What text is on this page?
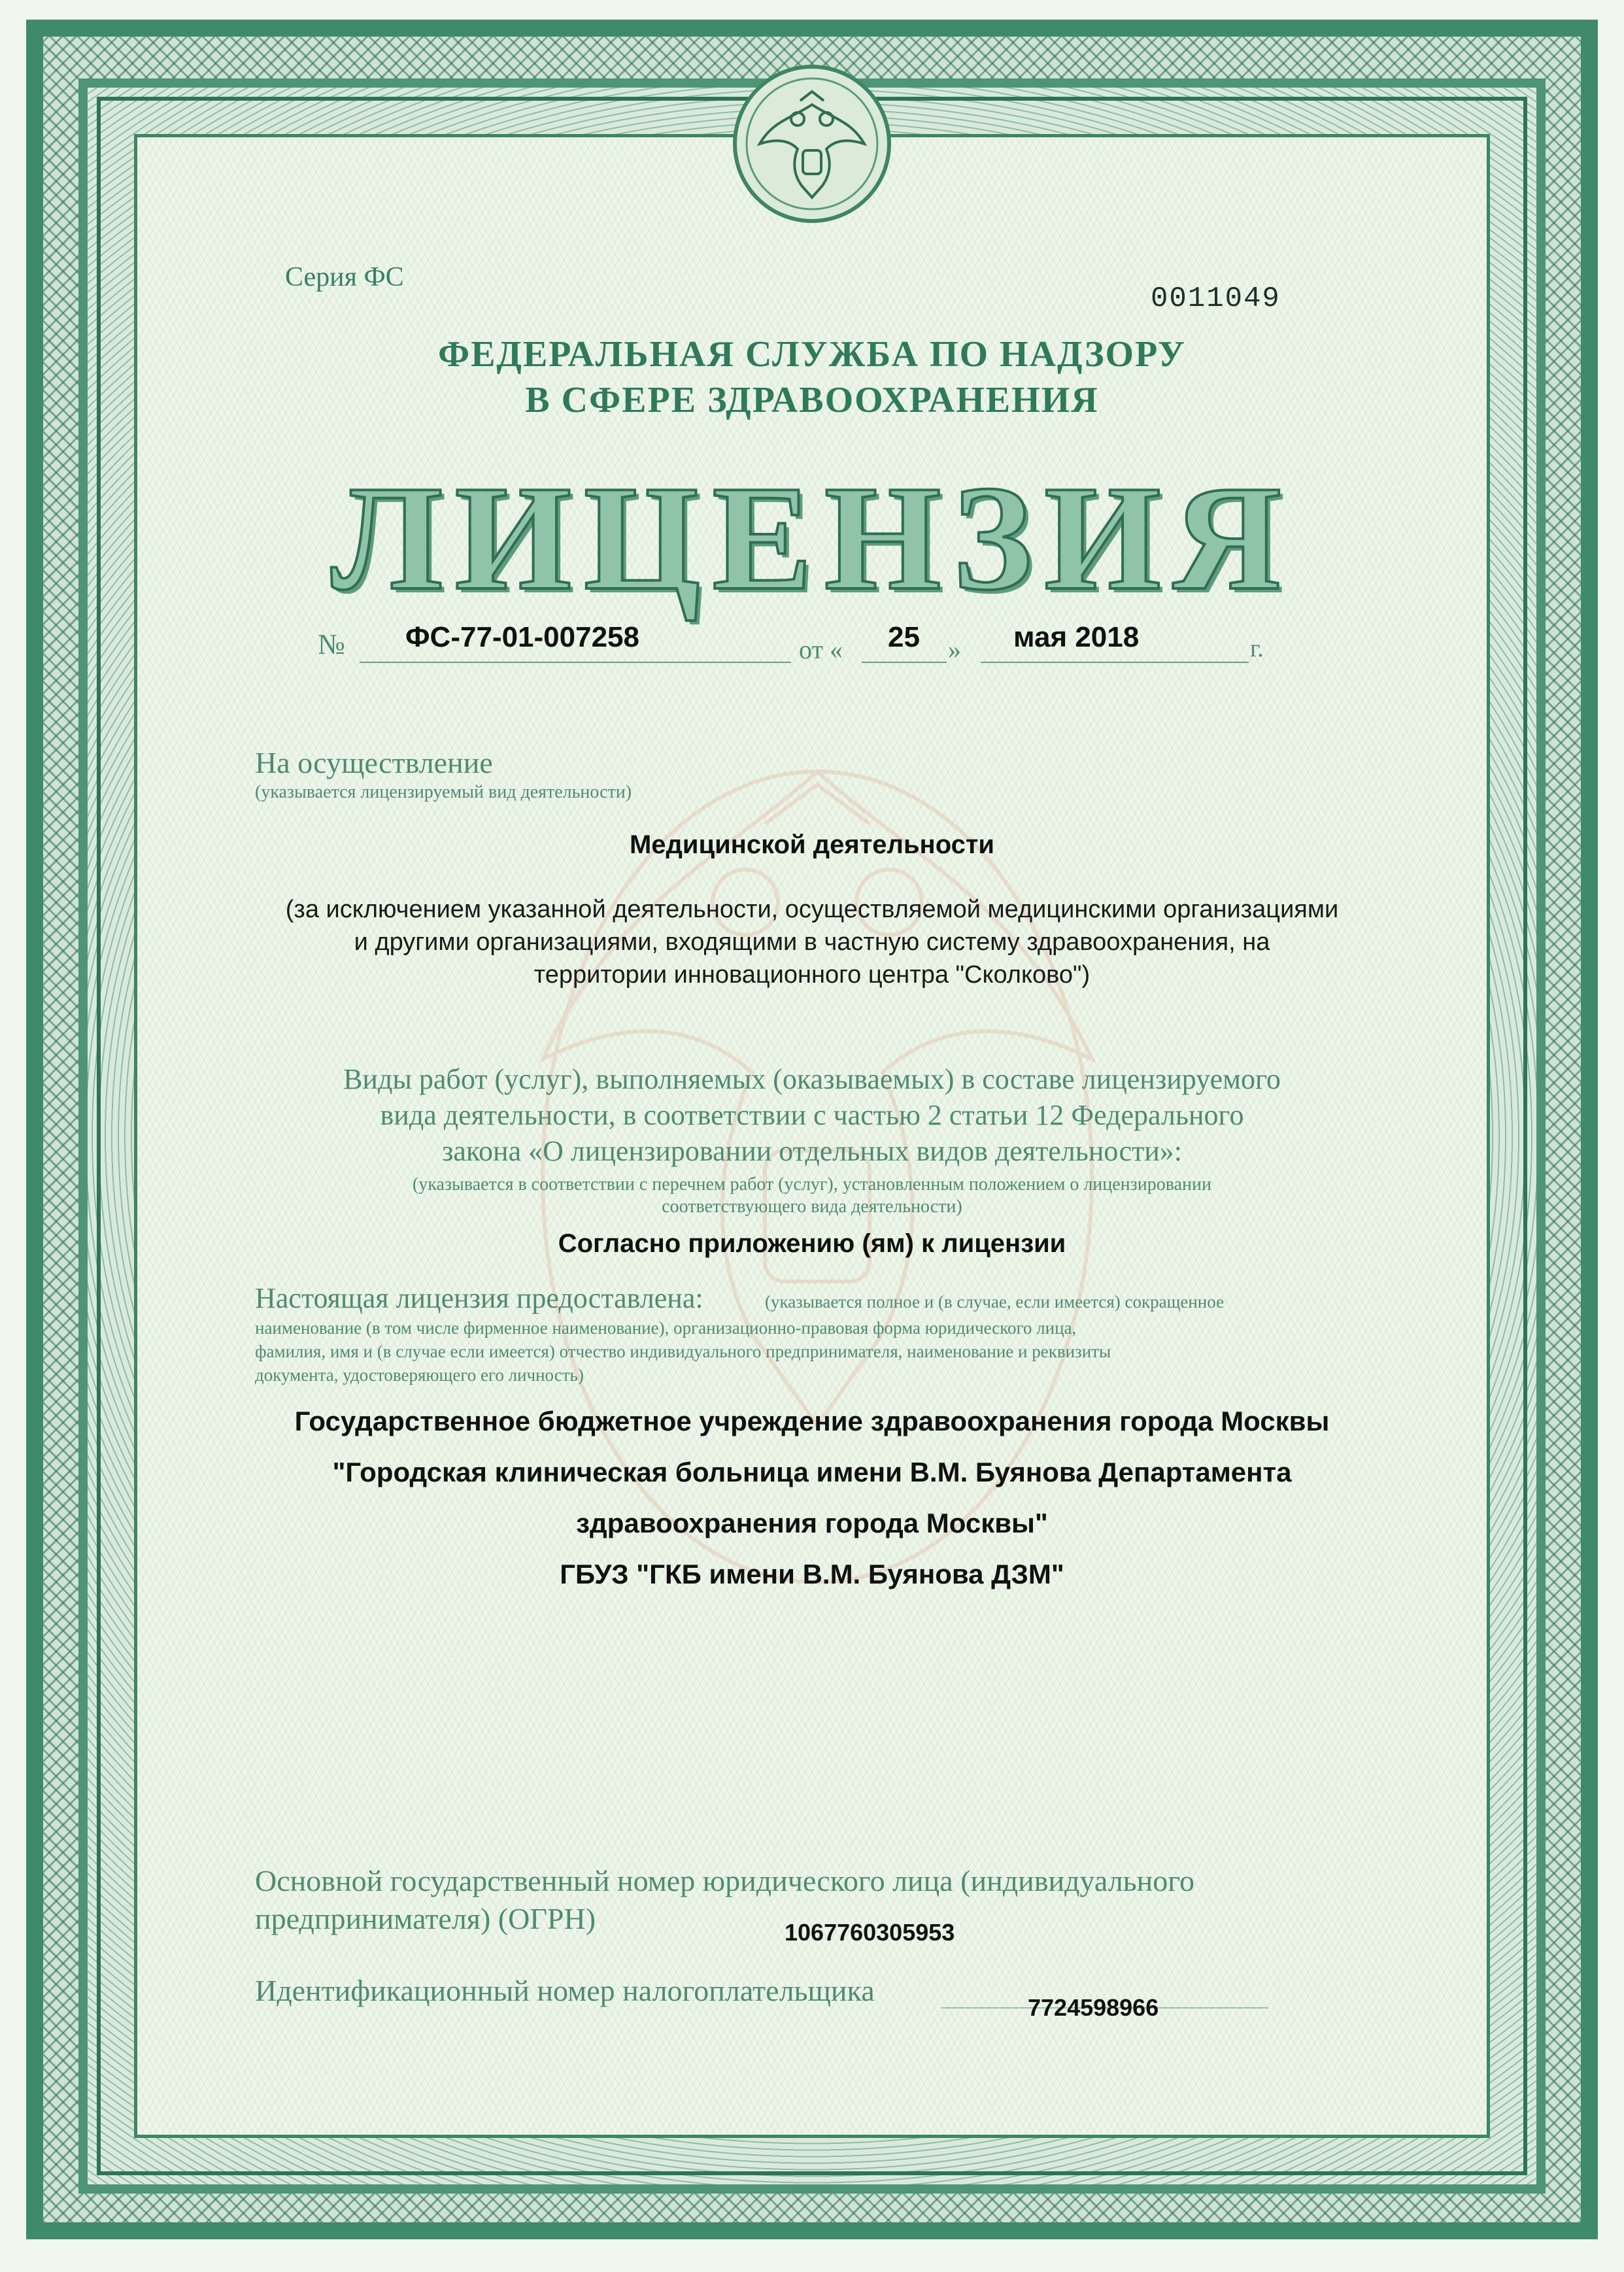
Серия ФС
0011049
ФЕДЕРАЛЬНАЯ СЛУЖБА ПО НАДЗОРУ
В СФЕРЕ ЗДРАВООХРАНЕНИЯ
ЛИЦЕНЗИЯ
№ ФС-77-01-007258	от « 25 » мая 2018	г.
На осуществление
(указывается лицензируемый вид деятельности)
Медицинской деятельности
(за исключением указанной деятельности, осуществляемой медицинскими организациями
и другими организациями, входящими в частную систему здравоохранения, на
территории инновационного центра "Сколково")
Виды работ (услуг), выполняемых (оказываемых) в составе лицензируемого
вида деятельности, в соответствии с частью 2 статьи 12 Федерального
закона «О лицензировании отдельных видов деятельности»:
(указывается в соответствии с перечнем работ (услуг), установленным положением о лицензировании
соответствующего вида деятельности)
Согласно приложению (ям) к лицензии
Настоящая лицензия предоставлена:	(указывается полное и (в случае, если имеется) сокращенное
наименование (в том числе фирменное наименование), организационно-правовая форма юридического лица,
фамилия, имя и (в случае если имеется) отчество индивидуального предпринимателя, наименование и реквизиты
документа, удостоверяющего его личность)
Государственное бюджетное учреждение здравоохранения города Москвы
"Городская клиническая больница имени В.М. Буянова Департамента
здравоохранения города Москвы"
ГБУЗ "ГКБ имени В.М. Буянова ДЗМ"
Основной государственный номер юридического лица (индивидуального
предпринимателя) (ОГРН)	1067760305953
Идентификационный номер налогоплательщика
7724598966
